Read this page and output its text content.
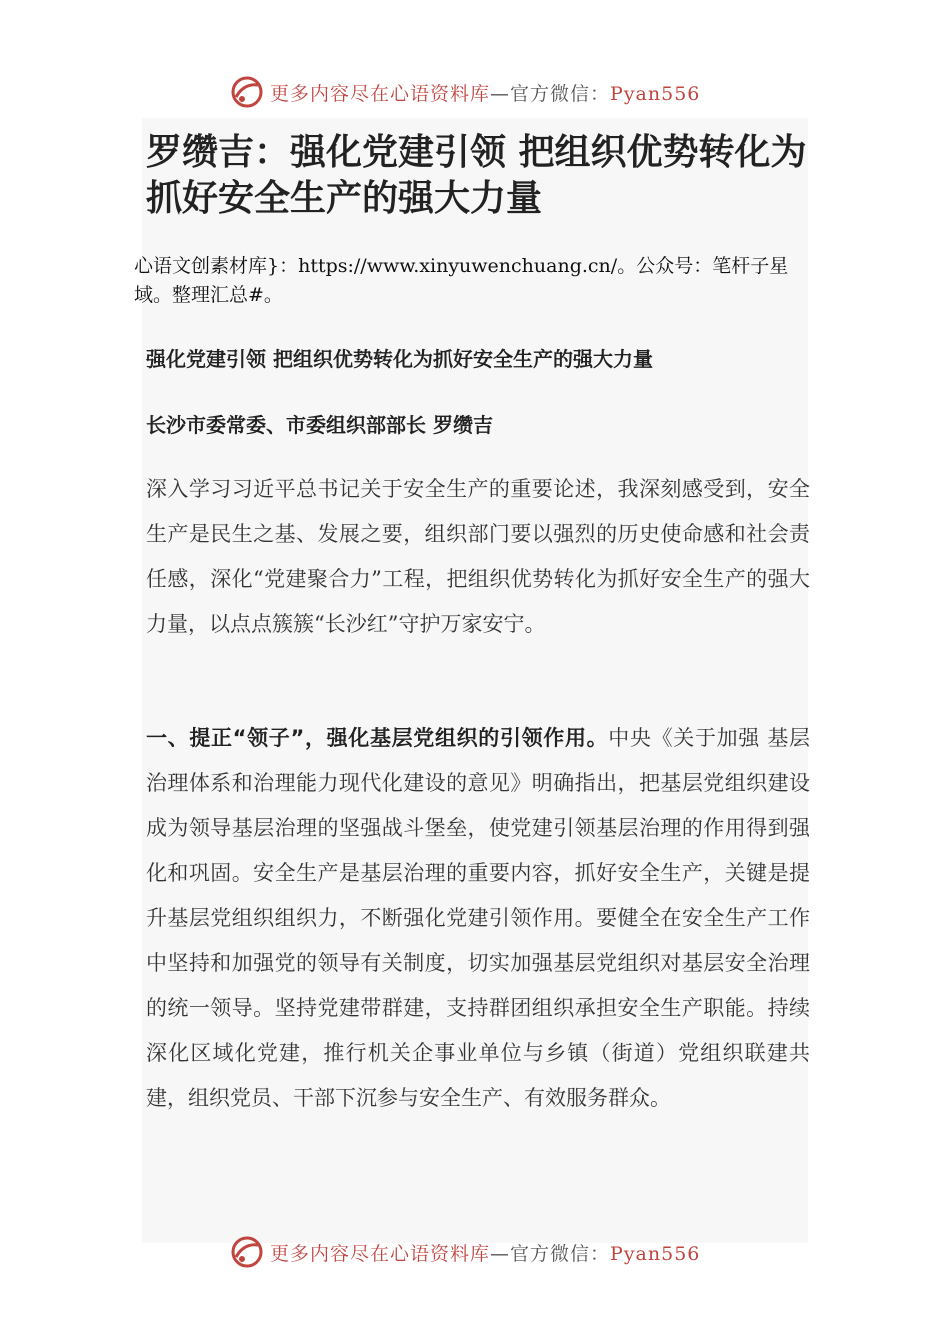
更多内容尽在心语资料库—官方微信：Pyan556
罗缵吉：强化党建引领 把组织优势转化为抓好安全生产的强大力量

心语文创素材库}：https://www.xinyuwenchuang.cn/。公众号：笔杆子星域。整理汇总#。

强化党建引领 把组织优势转化为抓好安全生产的强大力量

长沙市委常委、市委组织部部长 罗缵吉

深入学习习近平总书记关于安全生产的重要论述，我深刻感受到，安全生产是民生之基、发展之要，组织部门要以强烈的历史使命感和社会责任感，深化“党建聚合力”工程，把组织优势转化为抓好安全生产的强大力量，以点点簇簇“长沙红”守护万家安宁。

一、提正“领子”，强化基层党组织的引领作用。中央《关于加强 基层治理体系和治理能力现代化建设的意见》明确指出，把基层党组织建设成为领导基层治理的坚强战斗堡垒，使党建引领基层治理的作用得到强化和巩固。安全生产是基层治理的重要内容，抓好安全生产，关键是提升基层党组织组织力，不断强化党建引领作用。要健全在安全生产工作中坚持和加强党的领导有关制度，切实加强基层党组织对基层安全治理的统一领导。坚持党建带群建，支持群团组织承担安全生产职能。持续深化区域化党建，推行机关企事业单位与乡镇（街道）党组织联建共建，组织党员、干部下沉参与安全生产、有效服务群众。

更多内容尽在心语资料库—官方微信：Pyan556
